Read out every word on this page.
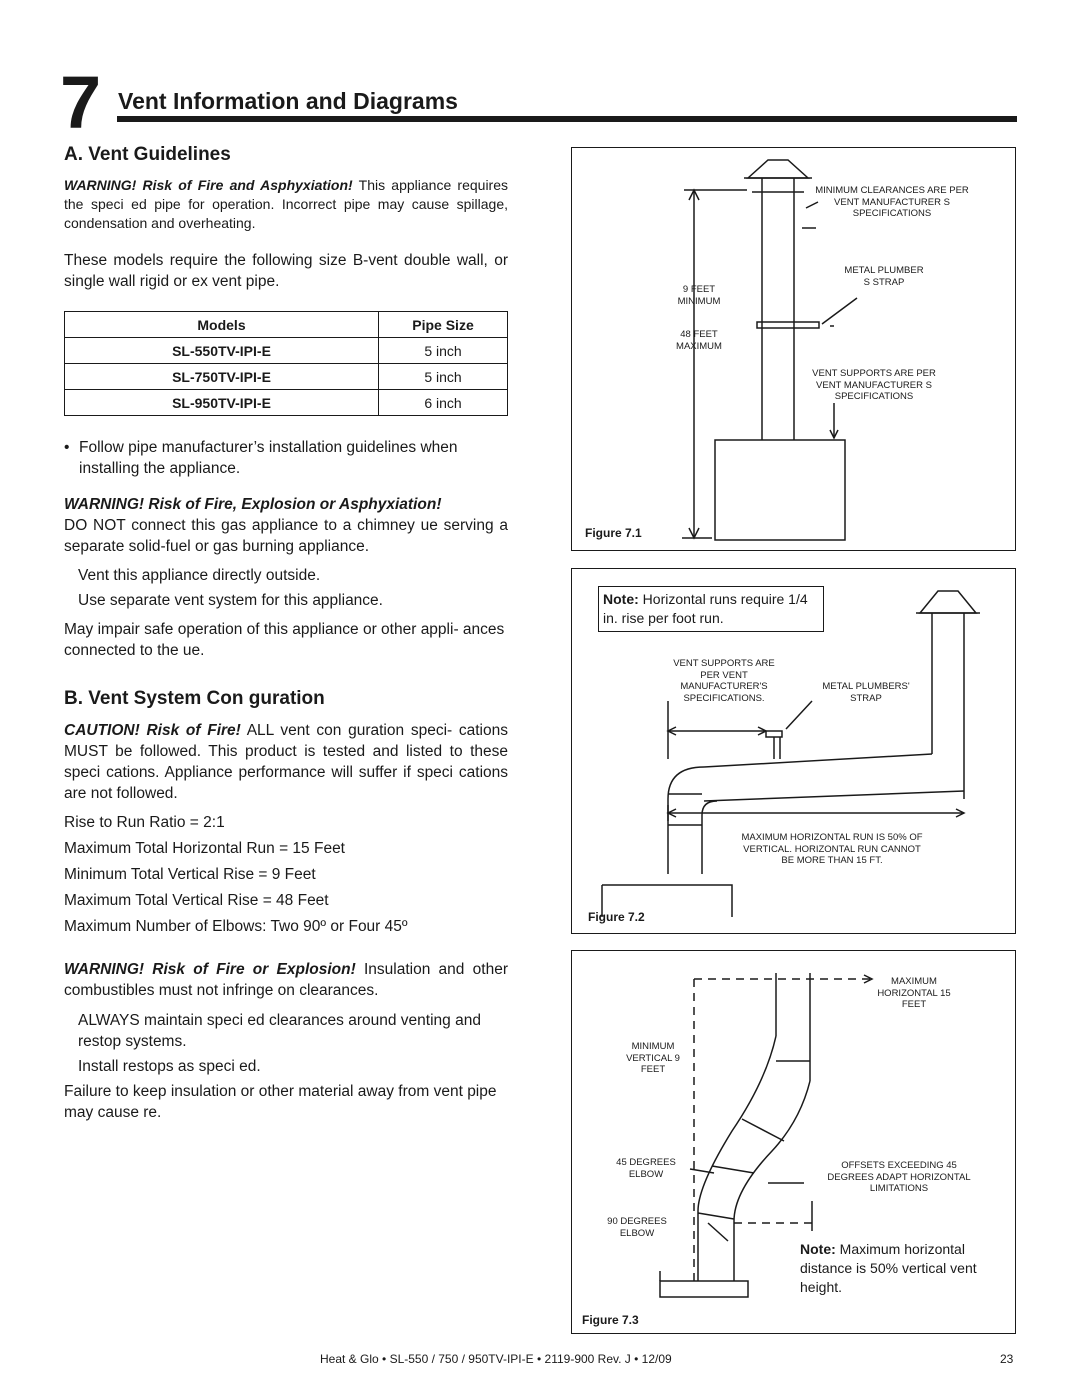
7 Vent Information and Diagrams
A. Vent Guidelines
WARNING! Risk of Fire and Asphyxiation! This appliance requires the speci ed pipe for operation. Incorrect pipe may cause spillage, condensation and overheating.
These models require the following size B-vent double wall, or single wall rigid or ex vent pipe.
Models	Pipe Size
SL-550TV-IPI-E	5 inch
SL-750TV-IPI-E	5 inch
SL-950TV-IPI-E	6 inch
• Follow pipe manufacturer’s installation guidelines when installing the appliance.
WARNING! Risk of Fire, Explosion or Asphyxiation!
DO NOT connect this gas appliance to a chimney ue serving a separate solid-fuel or gas burning appliance.
Vent this appliance directly outside.
Use separate vent system for this appliance.
May impair safe operation of this appliance or other appli- ances connected to the ue.
B. Vent System Con guration
CAUTION! Risk of Fire! ALL vent con guration speci- cations MUST be followed. This product is tested and listed to these speci cations. Appliance performance will suffer if speci cations are not followed.
Rise to Run Ratio = 2:1
Maximum Total Horizontal Run = 15 Feet
Minimum Total Vertical Rise = 9 Feet
Maximum Total Vertical Rise = 48 Feet
Maximum Number of Elbows: Two 90º or Four 45º
WARNING! Risk of Fire or Explosion! Insulation and other combustibles must not infringe on clearances.
ALWAYS maintain speci ed clearances around venting and restop systems.
Install restops as speci ed.
Failure to keep insulation or other material away from vent pipe may cause re.
MINIMUM CLEARANCES ARE PER VENT MANUFACTURER S SPECIFICATIONS
METAL PLUMBER S STRAP
9 FEET MINIMUM
48 FEET MAXIMUM
VENT SUPPORTS ARE PER VENT MANUFACTURER S SPECIFICATIONS
Figure 7.1
Note: Horizontal runs require 1/4 in. rise per foot run.
VENT SUPPORTS ARE PER VENT MANUFACTURER'S SPECIFICATIONS.
METAL PLUMBERS' STRAP
MAXIMUM HORIZONTAL RUN IS 50% OF VERTICAL. HORIZONTAL RUN CANNOT BE MORE THAN 15 FT.
Figure 7.2
MAXIMUM HORIZONTAL 15 FEET
MINIMUM VERTICAL 9 FEET
45 DEGREES ELBOW
90 DEGREES ELBOW
OFFSETS EXCEEDING 45 DEGREES ADAPT HORIZONTAL LIMITATIONS
Note: Maximum horizontal distance is 50% vertical vent height.
Figure 7.3
Heat & Glo • SL-550 / 750 / 950TV-IPI-E • 2119-900 Rev. J • 12/09	23
